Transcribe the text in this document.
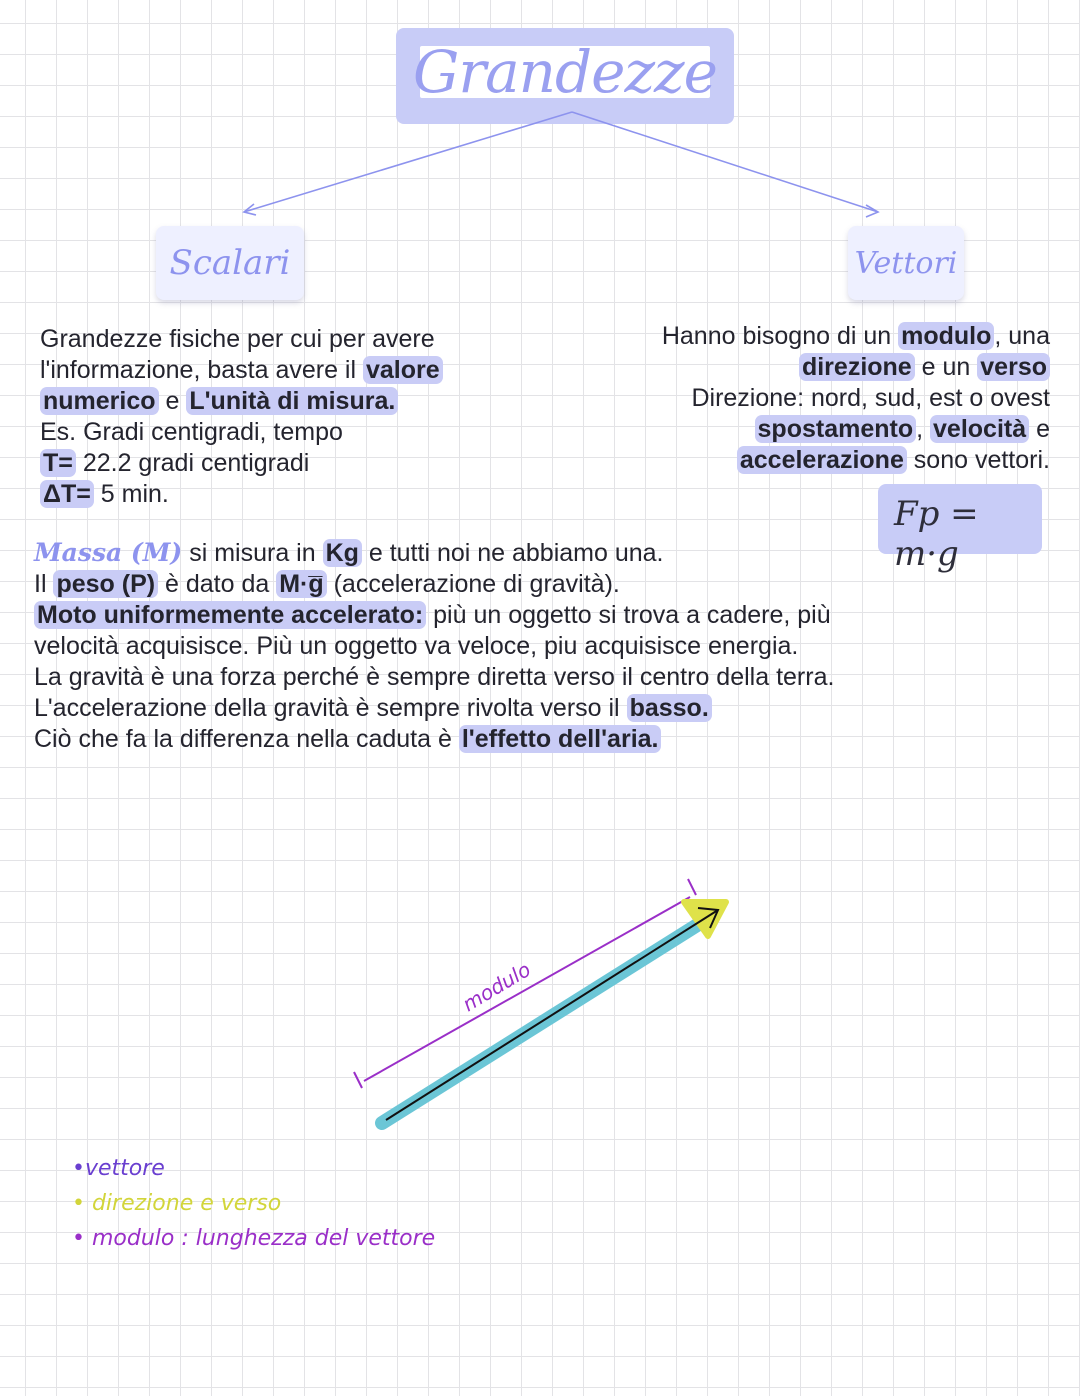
Grandezze
Scalari	Vettori
Grandezze fisiche per cui per avere
l'informazione, basta avere il valore
numerico e L'unità di misura.
Es. Gradi centigradi, tempo
T= 22.2 gradi centigradi
ΔT= 5 min.
Hanno bisogno di un modulo , una
direzione e un verso
Direzione: nord, sud, est o ovest
spostamento , velocità e
accelerazione sono vettori.
Fp = m·g
Massa (M) si misura in Kg e tutti noi ne abbiamo una.
Il peso (P) è dato da M·g̅ (accelerazione di gravità).
Moto uniformemente accelerato: più un oggetto si trova a cadere, più
velocità acquisisce. Più un oggetto va veloce, piu acquisisce energia.
La gravità è una forza perché è sempre diretta verso il centro della terra.
L'accelerazione della gravità è sempre rivolta verso il basso.
Ciò che fa la differenza nella caduta è l'effetto dell'aria.
modulo
•vettore
• direzione e verso
• modulo : lunghezza del vettore
